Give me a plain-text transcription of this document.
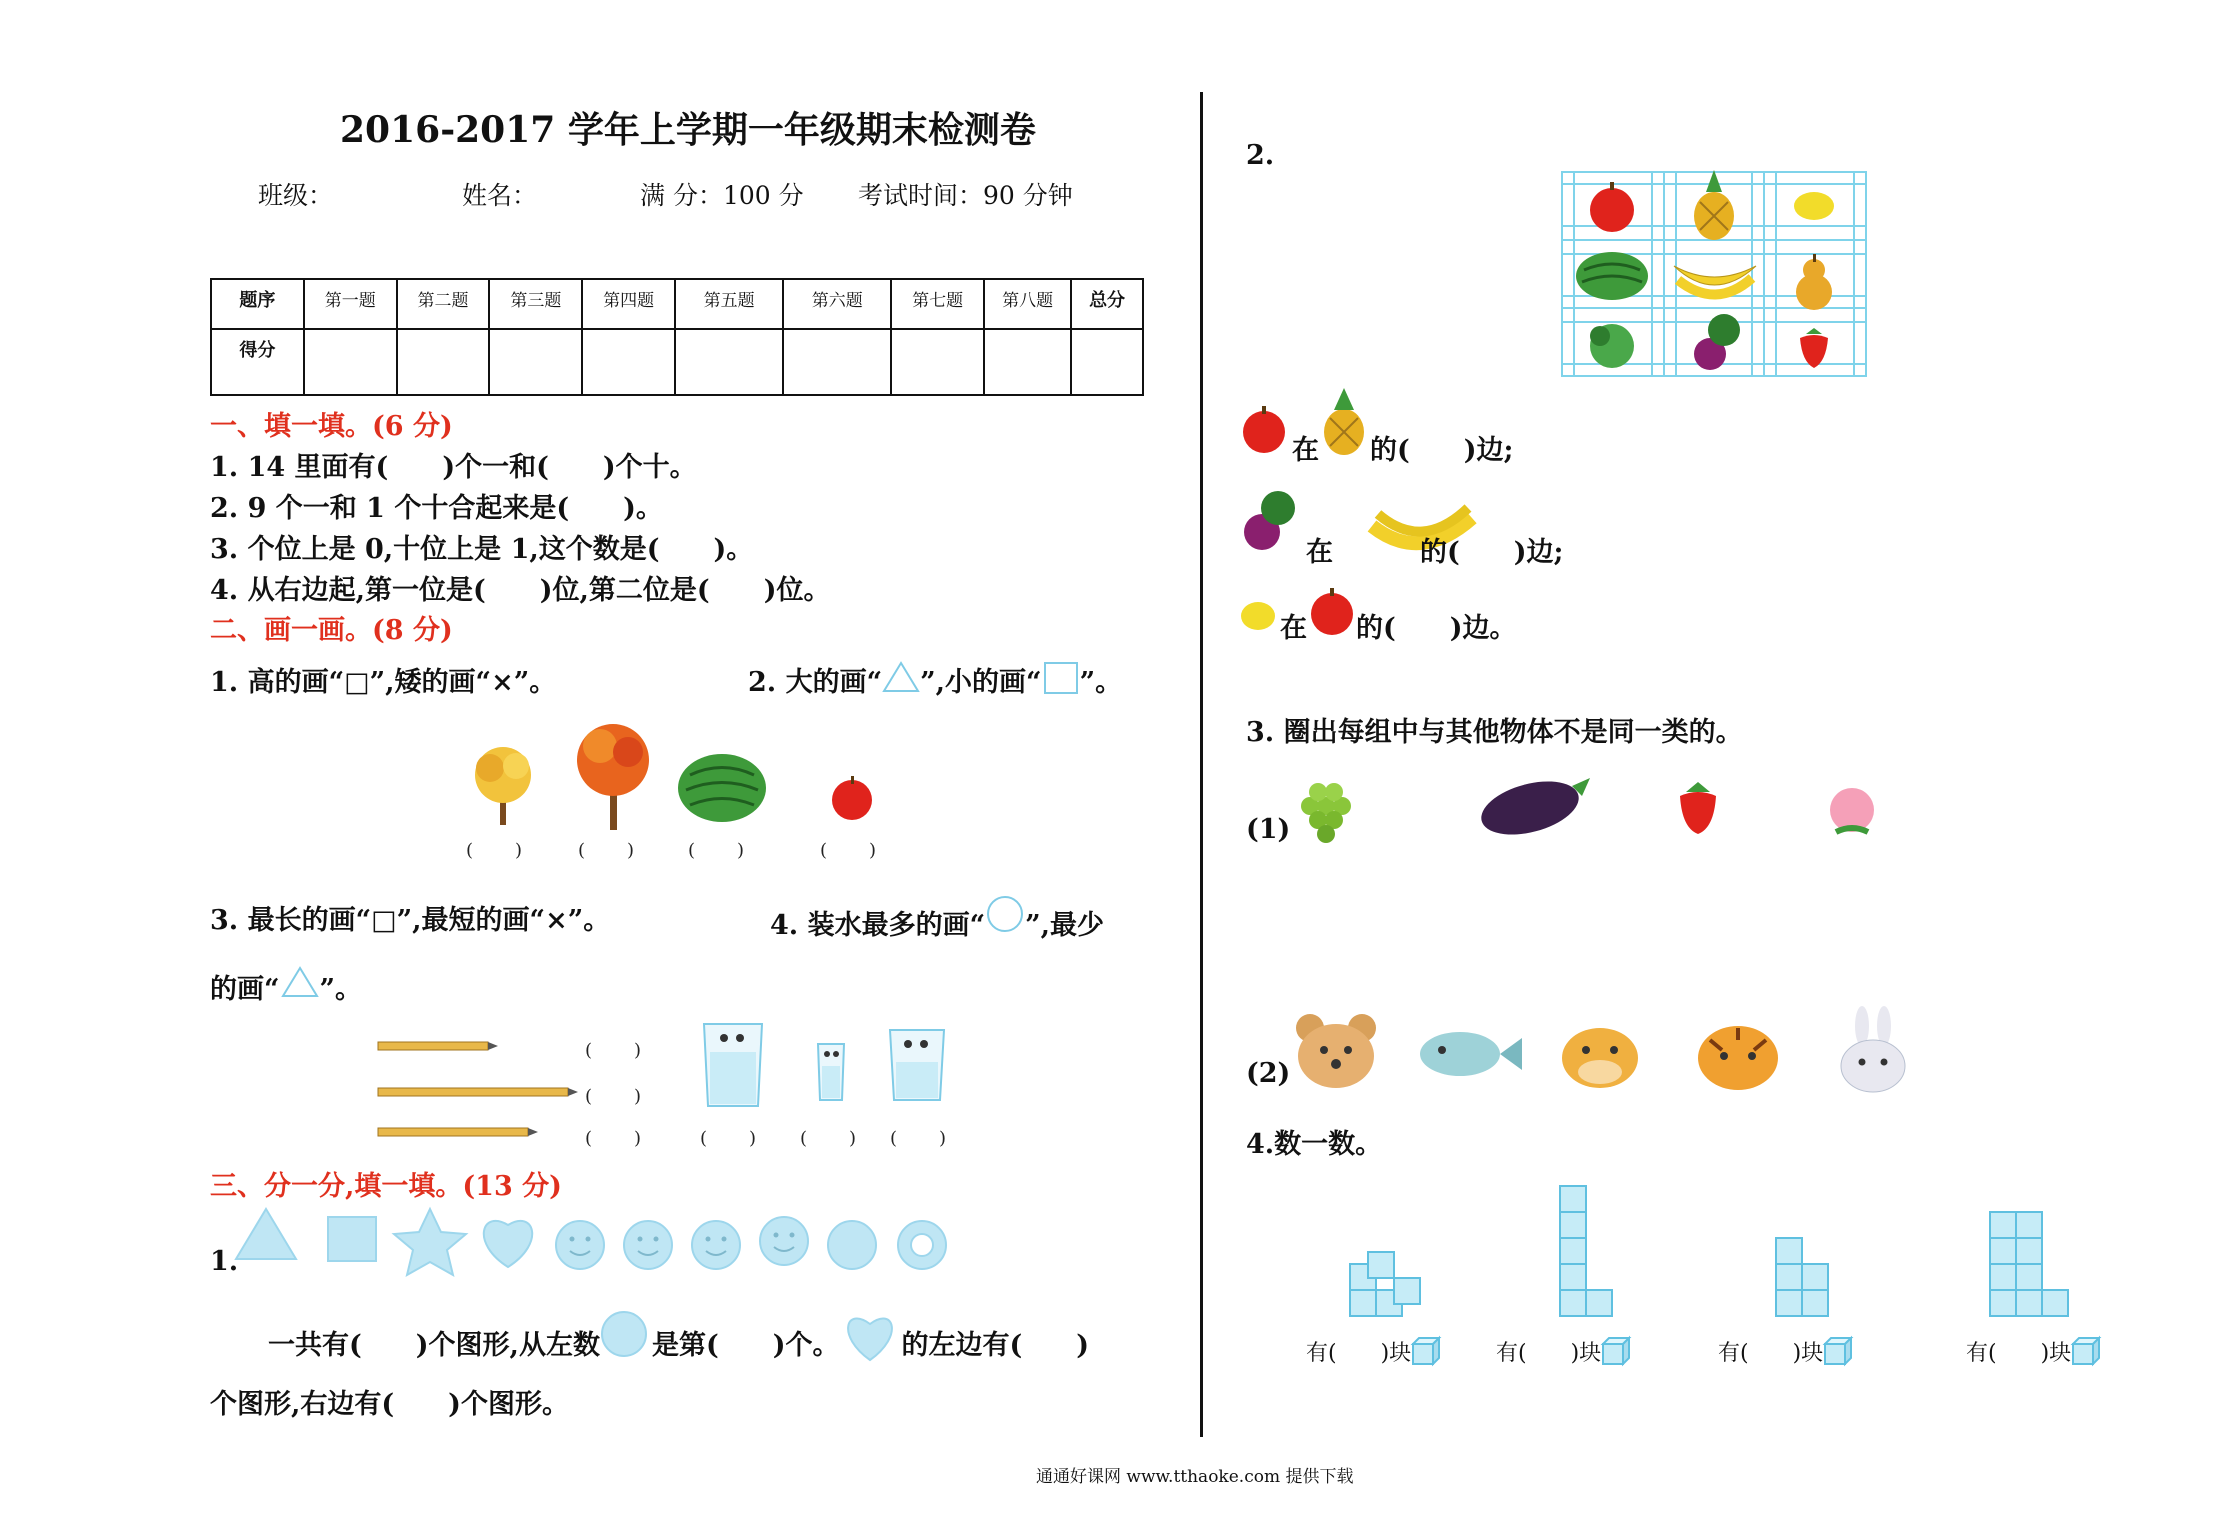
2016-2017 学年上学期一年级期末检测卷
班级：	姓名：	满 分：100 分 考试时间：90 分钟
题序	第一题	第二题	第三题	第四题	第五题	第六题	第七题	第八题	总分
得分									
一、填一填。(6 分)
1. 14 里面有(　　)个一和(　　)个十。
2. 9 个一和 1 个十合起来是(　　)。
3. 个位上是 0,十位上是 1,这个数是(　　)。
4. 从右边起,第一位是(　　)位,第二位是(　　)位。
二、画一画。(8 分)
1. 高的画“□”,矮的画“×”。	2. 大的画“ ”,小的画“ ”。
(　　)	(　　)	(　　)	(　　)
3. 最长的画“□”,最短的画“×”。	4. 装水最多的画“ ”,最少
的画“ ”。
(　　)
(　　)
(　　)	(　　) (　　) (　　)
三、分一分,填一填。(13 分)
1.
一共有(　　)个图形,从左数 是第(　　)个。 的左边有(　　)
个图形,右边有(　　)个图形。
2.
在 的(　　)边;
在	的(　　)边;
在 的(　　)边。
3. 圈出每组中与其他物体不是同一类的。
(1)
(2)
4.数一数。
有(　　)块	有(　　)块	有(　　)块	有(　　)块
通通好课网 www.tthaoke.com 提供下载
